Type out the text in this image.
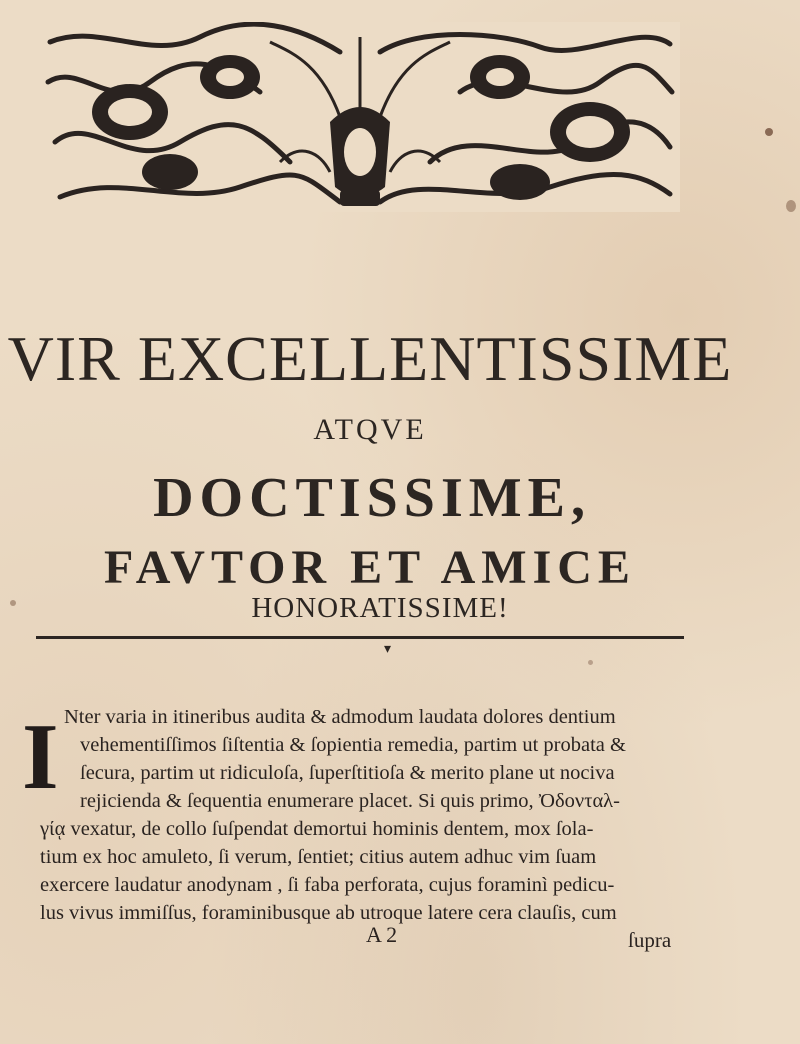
VIR EXCELLENTISSIME
ATQVE
DOCTISSIME,
FAVTOR ET AMICE
HONORATISSIME!
▾
I Nter varia in itineribus audita & admodum laudata dolores dentium
vehementiſſimos ſiſtentia & ſopientia remedia, partim ut probata &
ſecura, partim ut ridiculoſa, ſuperſtitioſa & merito plane ut nociva
rejicienda & ſequentia enumerare placet. Si quis primo, Ὀδονταλ-
γίᾳ vexatur, de collo ſuſpendat demortui hominis dentem, mox ſola-
tium ex hoc amuleto, ſi verum, ſentiet; citius autem adhuc vim ſuam
exercere laudatur anodynam , ſi faba perforata, cujus foraminì pedicu-
lus vivus immiſſus, foraminibusque ab utroque latere cera clauſis, cum
A 2	ſupra
